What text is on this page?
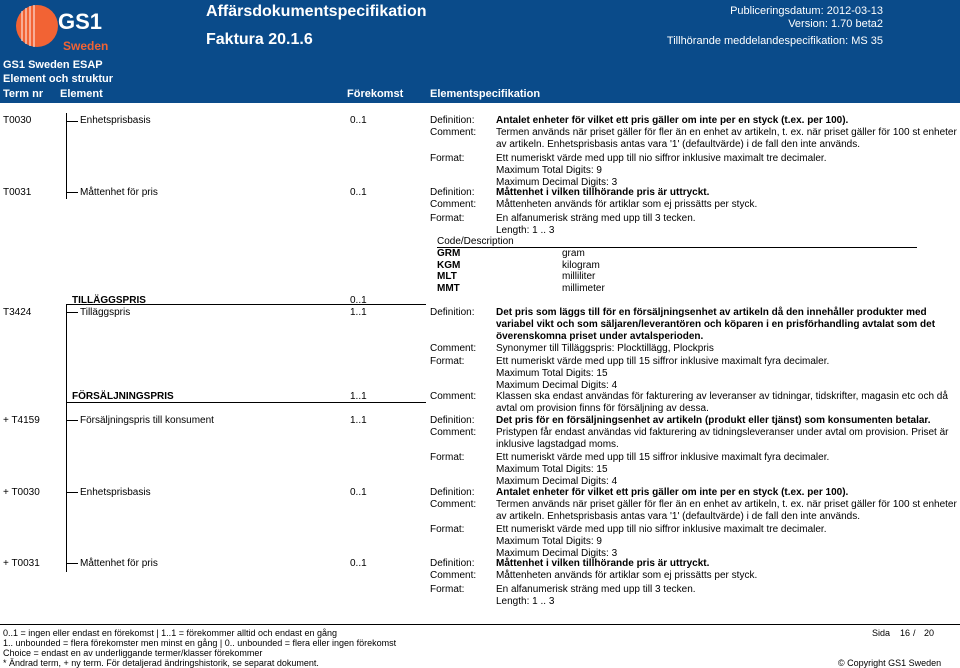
GS1
Sweden
Affärsdokumentspecifikation
Faktura 20.1.6
Publiceringsdatum: 2012-03-13
Version: 1.70 beta2
Tillhörande meddelandespecifikation: MS 35
GS1 Sweden ESAP
Element och struktur
Term nr Element	Förekomst Elementspecifikation
T0030	Enhetsprisbasis	0..1	Definition: Antalet enheter för vilket ett pris gäller om inte per en styck (t.ex. per 100).
Comment: Termen används när priset gäller för fler än en enhet av artikeln, t. ex. när priset gäller för 100 st enheter
av artikeln. Enhetsprisbasis antas vara '1' (defaultvärde) i de fall den inte används.
Format:	Ett numeriskt värde med upp till nio siffror inklusive maximalt tre decimaler.
Maximum Total Digits: 9
Maximum Decimal Digits: 3
T0031	Måttenhet för pris	0..1	Definition: Måttenhet i vilken tillhörande pris är uttryckt.
Comment: Måttenheten används för artiklar som ej prissätts per styck.
Format:	En alfanumerisk sträng med upp till 3 tecken.
Length: 1 .. 3
Code/Description
GRM	gram
KGM	kilogram
MLT	milliliter
MMT	millimeter
TILLÄGGSPRIS	0..1
T3424	Tilläggspris	1..1	Definition: Det pris som läggs till för en försäljningsenhet av artikeln då den innehåller produkter med
variabel vikt och som säljaren/leverantören och köparen i en prisförhandling avtalat som det
överenskomna priset under avtalsperioden.
Comment: Synonymer till Tilläggspris: Plocktillägg, Plockpris
Format:	Ett numeriskt värde med upp till 15 siffror inklusive maximalt fyra decimaler.
Maximum Total Digits: 15
Maximum Decimal Digits: 4
FÖRSÄLJNINGSPRIS	1..1	Comment: Klassen ska endast användas för fakturering av leveranser av tidningar, tidskrifter, magasin etc och då
avtal om provision finns för försäljning av dessa.
+ T4159	Försäljningspris till konsument	1..1	Definition: Det pris för en försäljningsenhet av artikeln (produkt eller tjänst) som konsumenten betalar.
Comment: Pristypen får endast användas vid fakturering av tidningsleveranser under avtal om provision. Priset är
inklusive lagstadgad moms.
Format:	Ett numeriskt värde med upp till 15 siffror inklusive maximalt fyra decimaler.
Maximum Total Digits: 15
Maximum Decimal Digits: 4
+ T0030	Enhetsprisbasis	0..1	Definition: Antalet enheter för vilket ett pris gäller om inte per en styck (t.ex. per 100).
Comment: Termen används när priset gäller för fler än en enhet av artikeln, t. ex. när priset gäller för 100 st enheter
av artikeln. Enhetsprisbasis antas vara '1' (defaultvärde) i de fall den inte används.
Format:	Ett numeriskt värde med upp till nio siffror inklusive maximalt tre decimaler.
Maximum Total Digits: 9
Maximum Decimal Digits: 3
+ T0031	Måttenhet för pris	0..1	Definition: Måttenhet i vilken tillhörande pris är uttryckt.
Comment: Måttenheten används för artiklar som ej prissätts per styck.
Format:	En alfanumerisk sträng med upp till 3 tecken.
Length: 1 .. 3
0..1 = ingen eller endast en förekomst | 1..1 = förekommer alltid och endast en gång
1.. unbounded = flera förekomster men minst en gång | 0.. unbounded = flera eller ingen förekomst
Choice = endast en av underliggande termer/klasser förekommer
* Ändrad term, + ny term. För detaljerad ändringshistorik, se separat dokument.
Sida 16 / 20
© Copyright GS1 Sweden
